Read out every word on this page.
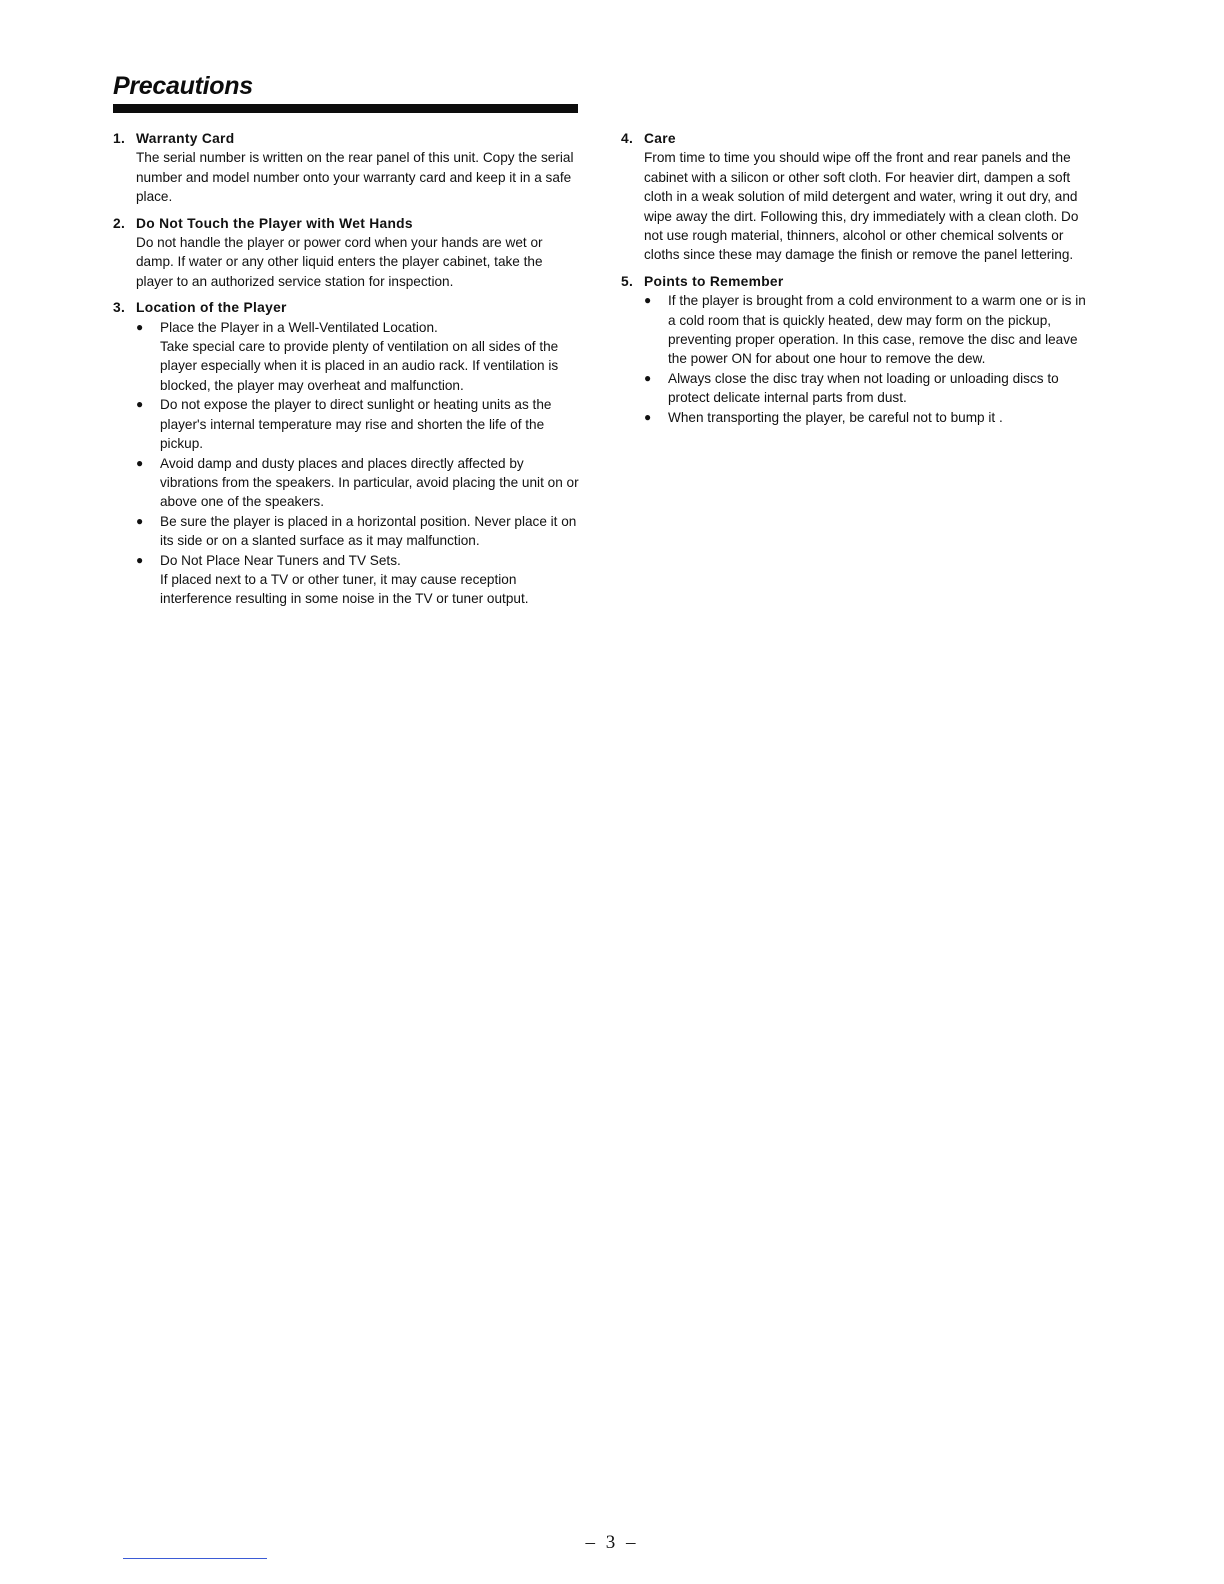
Precautions
1. Warranty Card

The serial number is written on the rear panel of this unit. Copy the serial number and model number onto your warranty card and keep it in a safe place.

2. Do Not Touch the Player with Wet Hands

Do not handle the player or power cord when your hands are wet or damp. If water or any other liquid enters the player cabinet, take the player to an authorized service station for inspection.

3. Location of the Player
●	Place the Player in a Well-Ventilated Location.

Take special care to provide plenty of ventilation on all sides of the player especially when it is placed in an audio rack. If ventilation is blocked, the player may overheat and malfunction.

●	Do not expose the player to direct sunlight or heating units as the player's internal temperature may rise and shorten the life of the pickup.

●	Avoid damp and dusty places and places directly affected by vibrations from the speakers. In particular, avoid placing the unit on or above one of the speakers.

●	Be sure the player is placed in a horizontal position. Never place it on its side or on a slanted surface as it may malfunction.

●	Do Not Place Near Tuners and TV Sets.

If placed next to a TV or other tuner, it may cause reception interference resulting in some noise in the TV or tuner output.

4. Care

From time to time you should wipe off the front and rear panels and the cabinet with a silicon or other soft cloth. For heavier dirt, dampen a soft cloth in a weak solution of mild detergent and water, wring it out dry, and wipe away the dirt. Following this, dry immediately with a clean cloth. Do not use rough material, thinners, alcohol or other chemical solvents or cloths since these may damage the finish or remove the panel lettering.

5. Points to Remember
●	If the player is brought from a cold environment to a warm one or is in a cold room that is quickly heated, dew may form on the pickup, preventing proper operation. In this case, remove the disc and leave the power ON for about one hour to remove the dew.

●	Always close the disc tray when not loading or unloading discs to protect delicate internal parts from dust.

●	When transporting the player, be careful not to bump it .

– 3 –
